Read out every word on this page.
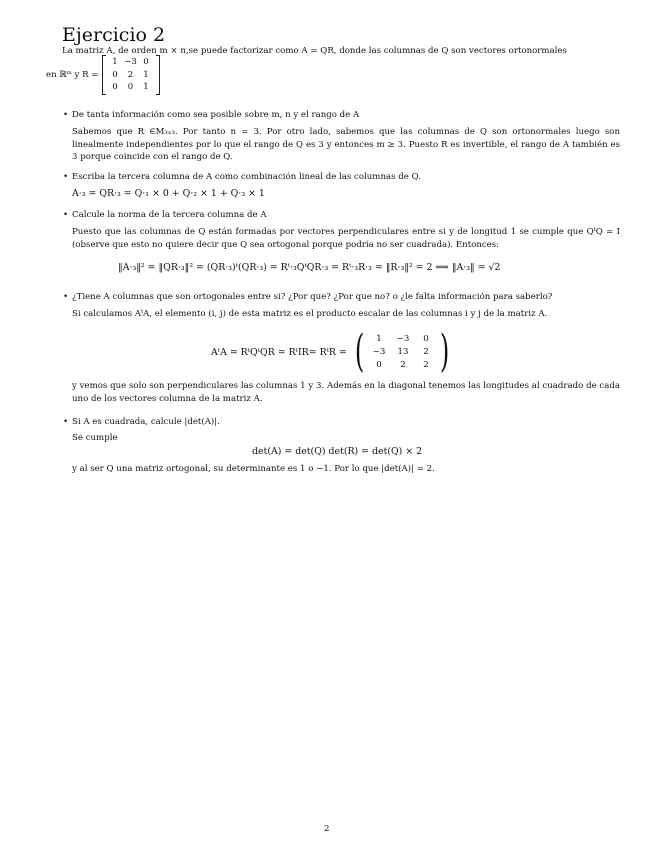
Ejercicio 2
La matriz A, de orden m × n,se puede factorizar como A = QR, donde las columnas de Q son vectores ortonormales
en ℝᵐ y R =
1 −3 0
0	2	1
0	0	1
• De tanta información como sea posible sobre m, n y el rango de A
Sabemos que R ∈M₃ₓ₃. Por tanto n = 3. Por otro lado, sabemos que las columnas de Q son ortonormales luego son linealmente independientes por lo que el rango de Q es 3 y entonces m ≥ 3. Puesto R es invertible, el rango de A también es 3 porque coincide con el rango de Q.
• Escriba la tercera columna de A como combinación lineal de las columnas de Q.
A·₃ = QR·₃ = Q·₁ × 0 + Q·₂ × 1 + Q·₃ × 1
• Calcule la norma de la tercera columna de A
Puesto que las columnas de Q están formadas por vectores perpendiculares entre si y de longitud 1 se cumple que QᵗQ = I (observe que esto no quiere decir que Q sea ortogonal porque podría no ser cuadrada). Entonces:
‖A·₃‖² = ‖QR·₃‖² = (QR·₃)ᵗ(QR·₃) = Rᵗ·₃QᵗQR·₃ = Rᵗ·₃R·₃ = ‖R·₃‖² = 2 ⟹ ‖A·₃‖ = √2
• ¿Tiene A columnas que son ortogonales entre si? ¿Por que? ¿Por que no? o ¿le falta información para saberlo?
Si calculamos AᵗA, el elemento (i, j) de esta matriz es el producto escalar de las columnas i y j de la matriz A.
AᵗA = RᵗQᵗQR = RᵗIR= RᵗR = (	1	−3	0
−3	13	2
0	2	2 )
y vemos que solo son perpendiculares las columnas 1 y 3. Además en la diagonal tenemos las longitudes al cuadrado de cada uno de los vectores columna de la matriz A.
• Si A es cuadrada, calcule |det(A)|.
Se cumple
det(A) = det(Q) det(R) = det(Q) × 2
y al ser Q una matriz ortogonal, su determinante es 1 o −1. Por lo que |det(A)| = 2.
2
